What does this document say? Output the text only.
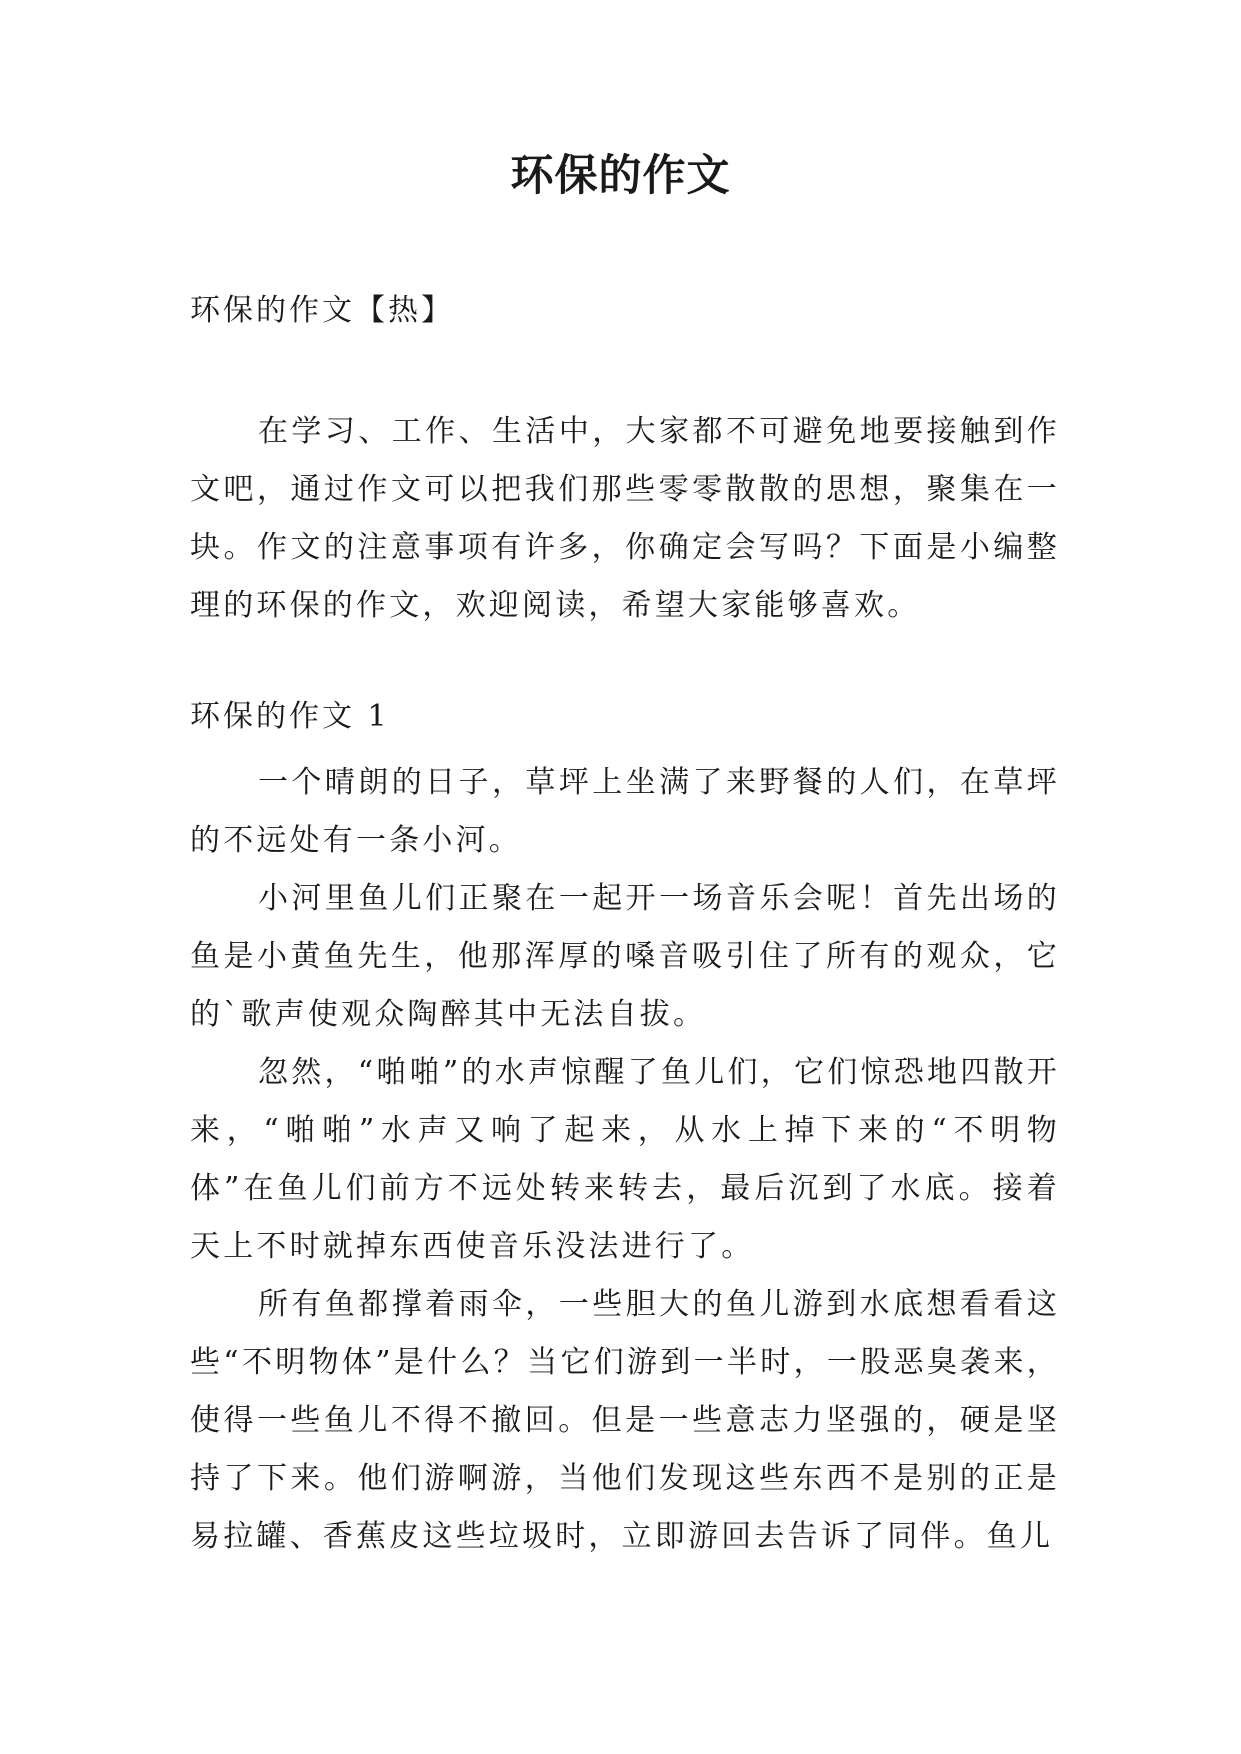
环保的作文
环保的作文【热】

在学习、工作、生活中，大家都不可避免地要接触到作文吧，通过作文可以把我们那些零零散散的思想，聚集在一块。作文的注意事项有许多，你确定会写吗？下面是小编整理的环保的作文，欢迎阅读，希望大家能够喜欢。

环保的作文 1

一个晴朗的日子，草坪上坐满了来野餐的人们，在草坪的不远处有一条小河。

小河里鱼儿们正聚在一起开一场音乐会呢！首先出场的鱼是小黄鱼先生，他那浑厚的嗓音吸引住了所有的观众，它的`歌声使观众陶醉其中无法自拔。

忽然，“啪啪”的水声惊醒了鱼儿们，它们惊恐地四散开来，“啪啪”水声又响了起来，从水上掉下来的“不明物体”在鱼儿们前方不远处转来转去，最后沉到了水底。接着天上不时就掉东西使音乐没法进行了。

所有鱼都撑着雨伞，一些胆大的鱼儿游到水底想看看这些“不明物体”是什么？当它们游到一半时，一股恶臭袭来，使得一些鱼儿不得不撤回。但是一些意志力坚强的，硬是坚持了下来。他们游啊游，当他们发现这些东西不是别的正是易拉罐、香蕉皮这些垃圾时，立即游回去告诉了同伴。鱼儿
